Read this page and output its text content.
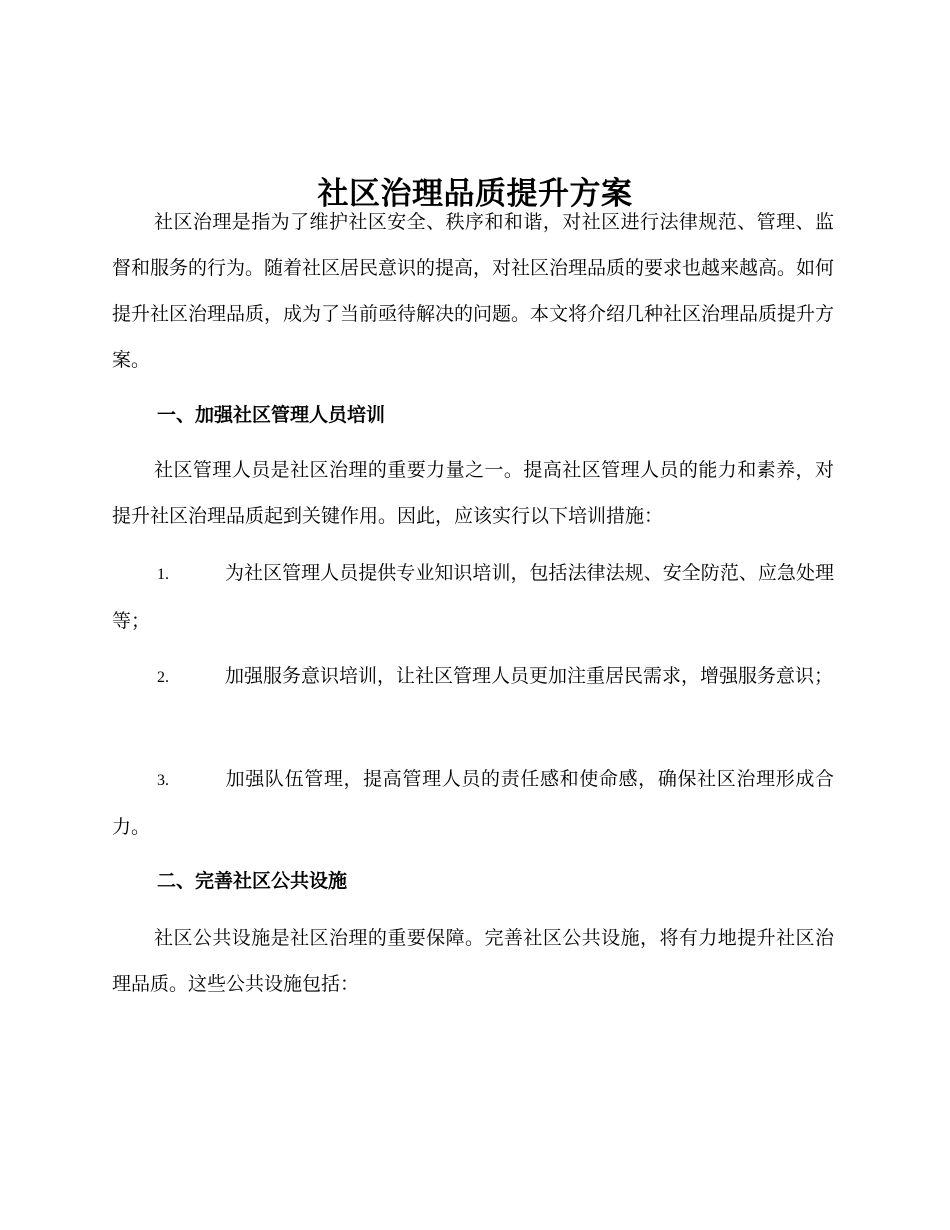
社区治理品质提升方案

社区治理是指为了维护社区安全、秩序和和谐，对社区进行法律规范、管理、监督和服务的行为。随着社区居民意识的提高，对社区治理品质的要求也越来越高。如何提升社区治理品质，成为了当前亟待解决的问题。本文将介绍几种社区治理品质提升方案。

一、加强社区管理人员培训

社区管理人员是社区治理的重要力量之一。提高社区管理人员的能力和素养，对提升社区治理品质起到关键作用。因此，应该实行以下培训措施：

1.	为社区管理人员提供专业知识培训，包括法律法规、安全防范、应急处理等；

2.	加强服务意识培训，让社区管理人员更加注重居民需求，增强服务意识；

3.	加强队伍管理，提高管理人员的责任感和使命感，确保社区治理形成合力。

二、完善社区公共设施

社区公共设施是社区治理的重要保障。完善社区公共设施，将有力地提升社区治理品质。这些公共设施包括：
